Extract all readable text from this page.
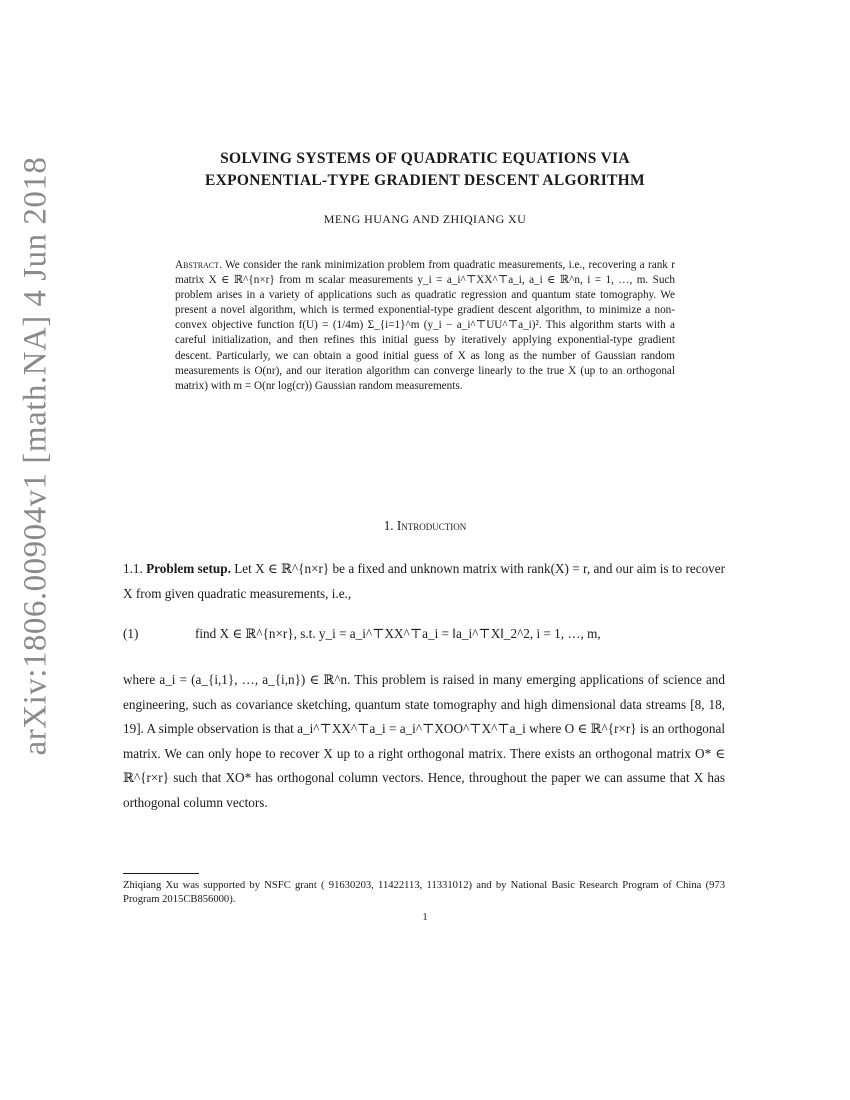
arXiv:1806.00904v1 [math.NA] 4 Jun 2018	SOLVING SYSTEMS OF QUADRATIC EQUATIONS VIA
EXPONENTIAL-TYPE GRADIENT DESCENT ALGORITHM
MENG HUANG AND ZHIQIANG XU
Abstract. We consider the rank minimization problem from quadratic measurements, i.e., recovering a rank r matrix X ∈ ℝ^{n×r} from m scalar measurements y_i = a_i^⊤XX^⊤a_i, a_i ∈ ℝ^n, i = 1, …, m. Such problem arises in a variety of applications such as quadratic regression and quantum state tomography. We present a novel algorithm, which is termed exponential-type gradient descent algorithm, to minimize a non-convex objective function f(U) = (1/4m) Σ_{i=1}^m (y_i − a_i^⊤UU^⊤a_i)². This algorithm starts with a careful initialization, and then refines this initial guess by iteratively applying exponential-type gradient descent. Particularly, we can obtain a good initial guess of X as long as the number of Gaussian random measurements is O(nr), and our iteration algorithm can converge linearly to the true X (up to an orthogonal matrix) with m = O(nr log(cr)) Gaussian random measurements.
1. Introduction
1.1. Problem setup. Let X ∈ ℝ^{n×r} be a fixed and unknown matrix with rank(X) = r, and our aim is to recover X from given quadratic measurements, i.e.,
(1)	find X ∈ ℝ^{n×r}, s.t. y_i = a_i^⊤XX^⊤a_i = ‖a_i^⊤X‖_2^2, i = 1, …, m,
where a_i = (a_{i,1}, …, a_{i,n}) ∈ ℝ^n. This problem is raised in many emerging applications of science and engineering, such as covariance sketching, quantum state tomography and high dimensional data streams [8, 18, 19]. A simple observation is that a_i^⊤XX^⊤a_i = a_i^⊤XOO^⊤X^⊤a_i where O ∈ ℝ^{r×r} is an orthogonal matrix. We can only hope to recover X up to a right orthogonal matrix. There exists an orthogonal matrix O* ∈ ℝ^{r×r} such that XO* has orthogonal column vectors. Hence, throughout the paper we can assume that X has orthogonal column vectors.
Zhiqiang Xu was supported by NSFC grant ( 91630203, 11422113, 11331012) and by National Basic Research Program of China (973 Program 2015CB856000).
1
